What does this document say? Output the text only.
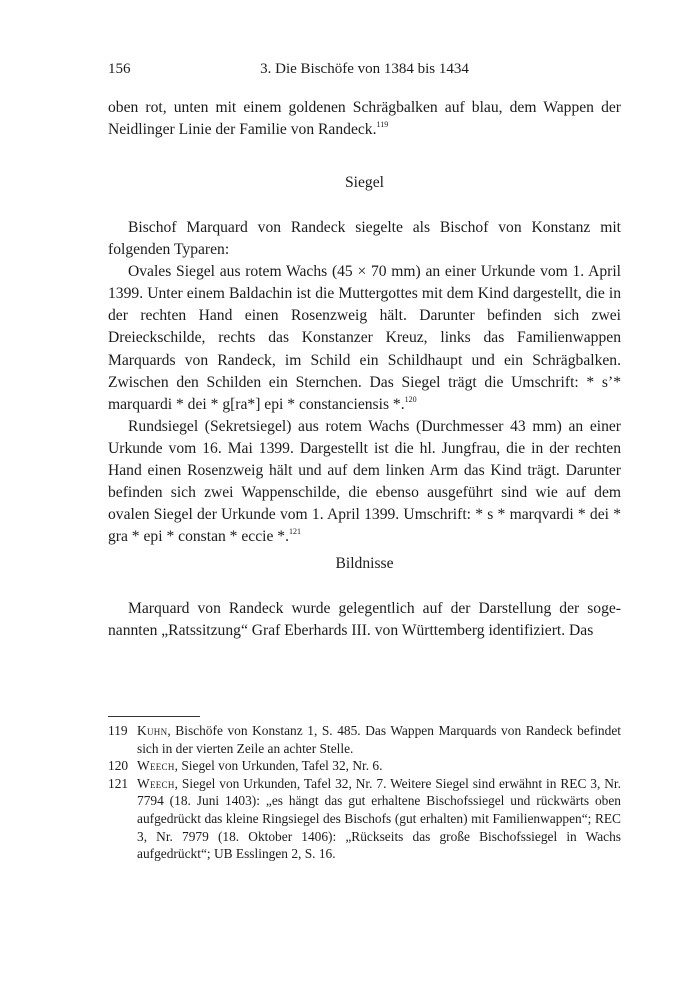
156	3. Die Bischöfe von 1384 bis 1434

oben rot, unten mit einem goldenen Schrägbalken auf blau, dem Wappen der Neidlinger Linie der Familie von Randeck.$^{119}$

Siegel

Bischof Marquard von Randeck siegelte als Bischof von Konstanz mit folgenden Typaren:

Ovales Siegel aus rotem Wachs (45 × 70 mm) an einer Urkunde vom 1. April 1399. Unter einem Baldachin ist die Muttergottes mit dem Kind dargestellt, die in der rechten Hand einen Rosenzweig hält. Darunter befinden sich zwei Dreieckschilde, rechts das Konstanzer Kreuz, links das Familienwappen Marquards von Randeck, im Schild ein Schildhaupt und ein Schrägbalken. Zwischen den Schilden ein Sternchen. Das Siegel trägt die Umschrift: * s’* marquardi * dei * g[ra*] epi * constanciensis *.$^{120}$

Rundsiegel (Sekretsiegel) aus rotem Wachs (Durchmesser 43 mm) an einer Urkunde vom 16. Mai 1399. Dargestellt ist die hl. Jungfrau, die in der rechten Hand einen Rosenzweig hält und auf dem linken Arm das Kind trägt. Darunter befinden sich zwei Wappenschilde, die ebenso ausgeführt sind wie auf dem ovalen Siegel der Urkunde vom 1. April 1399. Umschrift: * s * marqvardi * dei * gra * epi * constan * eccie *.$^{121}$

Bildnisse

Marquard von Randeck wurde gelegentlich auf der Darstellung der sogenannten „Ratssitzung“ Graf Eberhards III. von Württemberg identifiziert. Das

119 Kuhn, Bischöfe von Konstanz 1, S. 485. Das Wappen Marquards von Randeck befindet sich in der vierten Zeile an achter Stelle.
120 Weech, Siegel von Urkunden, Tafel 32, Nr. 6.
121 Weech, Siegel von Urkunden, Tafel 32, Nr. 7. Weitere Siegel sind erwähnt in REC 3, Nr. 7794 (18. Juni 1403): „es hängt das gut erhaltene Bischofssiegel und rückwärts oben aufgedrückt das kleine Ringsiegel des Bischofs (gut erhalten) mit Familienwappen“; REC 3, Nr. 7979 (18. Oktober 1406): „Rückseits das große Bischofssiegel in Wachs aufgedrückt“; UB Esslingen 2, S. 16.
